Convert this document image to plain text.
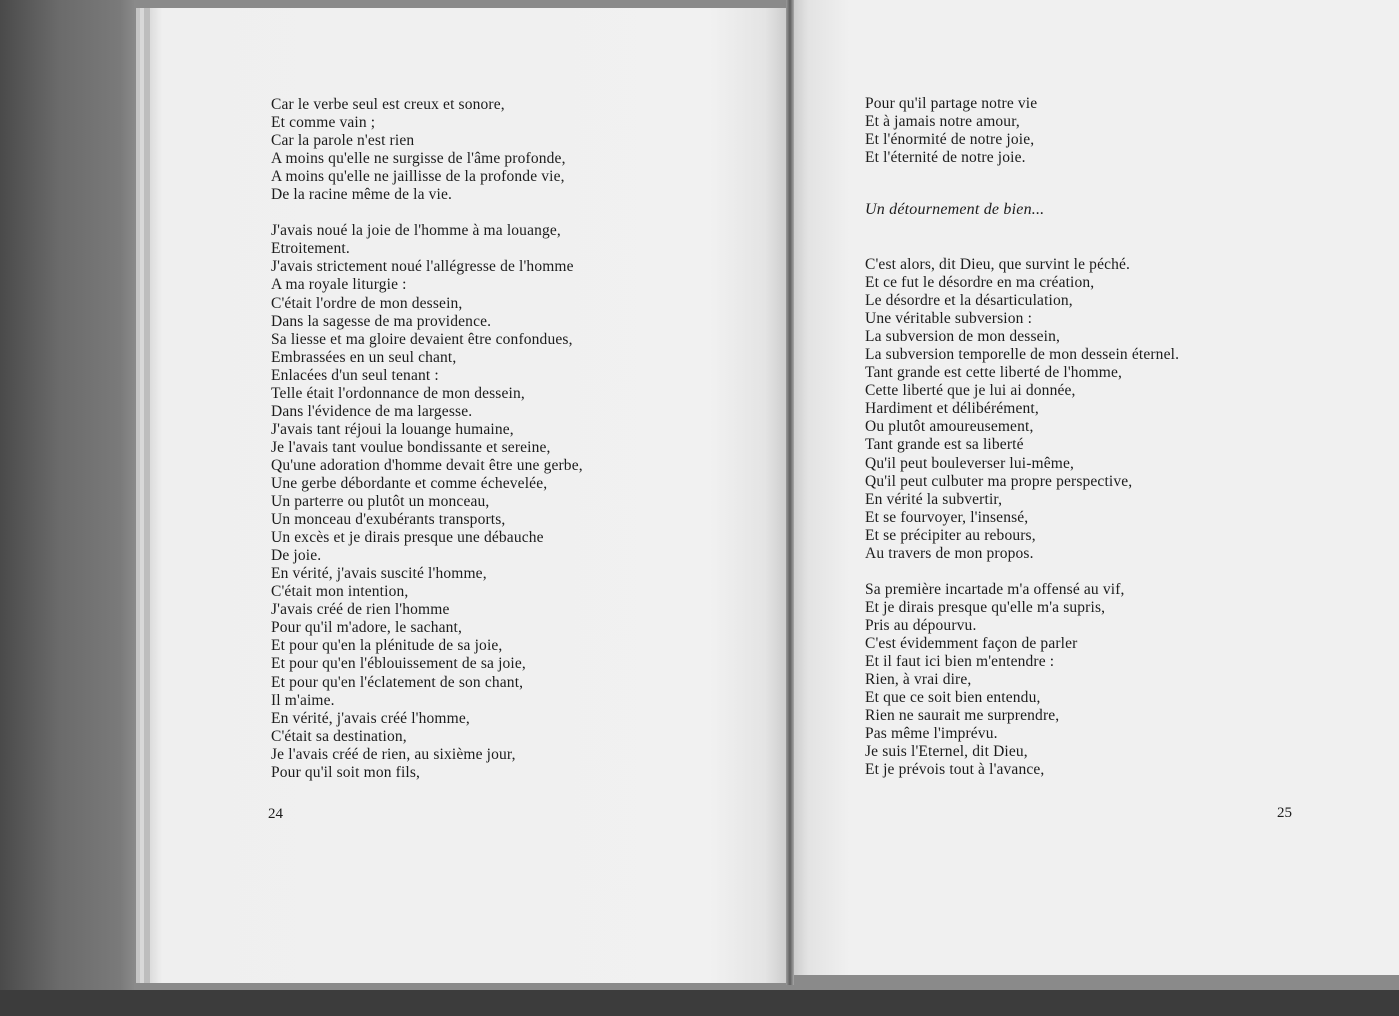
Car le verbe seul est creux et sonore,
Et comme vain ;
Car la parole n'est rien
A moins qu'elle ne surgisse de l'âme profonde,
A moins qu'elle ne jaillisse de la profonde vie,
De la racine même de la vie.
J'avais noué la joie de l'homme à ma louange,
Etroitement.
J'avais strictement noué l'allégresse de l'homme
A ma royale liturgie :
C'était l'ordre de mon dessein,
Dans la sagesse de ma providence.
Sa liesse et ma gloire devaient être confondues,
Embrassées en un seul chant,
Enlacées d'un seul tenant :
Telle était l'ordonnance de mon dessein,
Dans l'évidence de ma largesse.
J'avais tant réjoui la louange humaine,
Je l'avais tant voulue bondissante et sereine,
Qu'une adoration d'homme devait être une gerbe,
Une gerbe débordante et comme échevelée,
Un parterre ou plutôt un monceau,
Un monceau d'exubérants transports,
Un excès et je dirais presque une débauche
De joie.
En vérité, j'avais suscité l'homme,
C'était mon intention,
J'avais créé de rien l'homme
Pour qu'il m'adore, le sachant,
Et pour qu'en la plénitude de sa joie,
Et pour qu'en l'éblouissement de sa joie,
Et pour qu'en l'éclatement de son chant,
Il m'aime.
En vérité, j'avais créé l'homme,
C'était sa destination,
Je l'avais créé de rien, au sixième jour,
Pour qu'il soit mon fils,
24
Pour qu'il partage notre vie
Et à jamais notre amour,
Et l'énormité de notre joie,
Et l'éternité de notre joie.
Un détournement de bien...
C'est alors, dit Dieu, que survint le péché.
Et ce fut le désordre en ma création,
Le désordre et la désarticulation,
Une véritable subversion :
La subversion de mon dessein,
La subversion temporelle de mon dessein éternel.
Tant grande est cette liberté de l'homme,
Cette liberté que je lui ai donnée,
Hardiment et délibérément,
Ou plutôt amoureusement,
Tant grande est sa liberté
Qu'il peut bouleverser lui-même,
Qu'il peut culbuter ma propre perspective,
En vérité la subvertir,
Et se fourvoyer, l'insensé,
Et se précipiter au rebours,
Au travers de mon propos.
Sa première incartade m'a offensé au vif,
Et je dirais presque qu'elle m'a supris,
Pris au dépourvu.
C'est évidemment façon de parler
Et il faut ici bien m'entendre :
Rien, à vrai dire,
Et que ce soit bien entendu,
Rien ne saurait me surprendre,
Pas même l'imprévu.
Je suis l'Eternel, dit Dieu,
Et je prévois tout à l'avance,
25
